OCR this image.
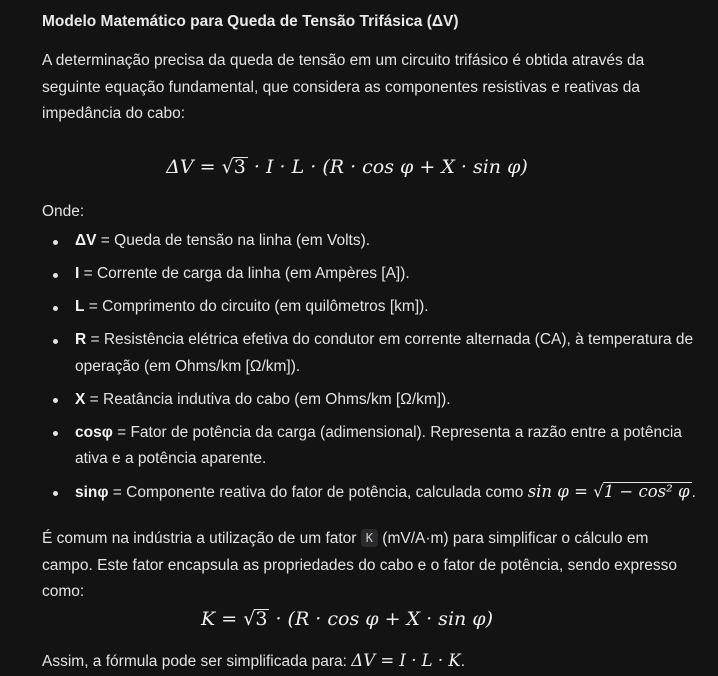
Modelo Matemático para Queda de Tensão Trifásica (ΔV)

A determinação precisa da queda de tensão em um circuito trifásico é obtida através da seguinte equação fundamental, que considera as componentes resistivas e reativas da impedância do cabo:

ΔV = √3 · I · L · (R · cos φ + X · sin φ)

Onde:

ΔV = Queda de tensão na linha (em Volts).
I = Corrente de carga da linha (em Ampères [A]).
L = Comprimento do circuito (em quilômetros [km]).
R = Resistência elétrica efetiva do condutor em corrente alternada (CA), à temperatura de operação (em Ohms/km [Ω/km]).
X = Reatância indutiva do cabo (em Ohms/km [Ω/km]).
cosφ = Fator de potência da carga (adimensional). Representa a razão entre a potência ativa e a potência aparente.
sinφ = Componente reativa do fator de potência, calculada como sin φ = √1 − cos² φ .

É comum na indústria a utilização de um fator K (mV/A·m) para simplificar o cálculo em campo. Este fator encapsula as propriedades do cabo e o fator de potência, sendo expresso como:

K = √3 · (R · cos φ + X · sin φ)

Assim, a fórmula pode ser simplificada para: ΔV = I · L · K.
